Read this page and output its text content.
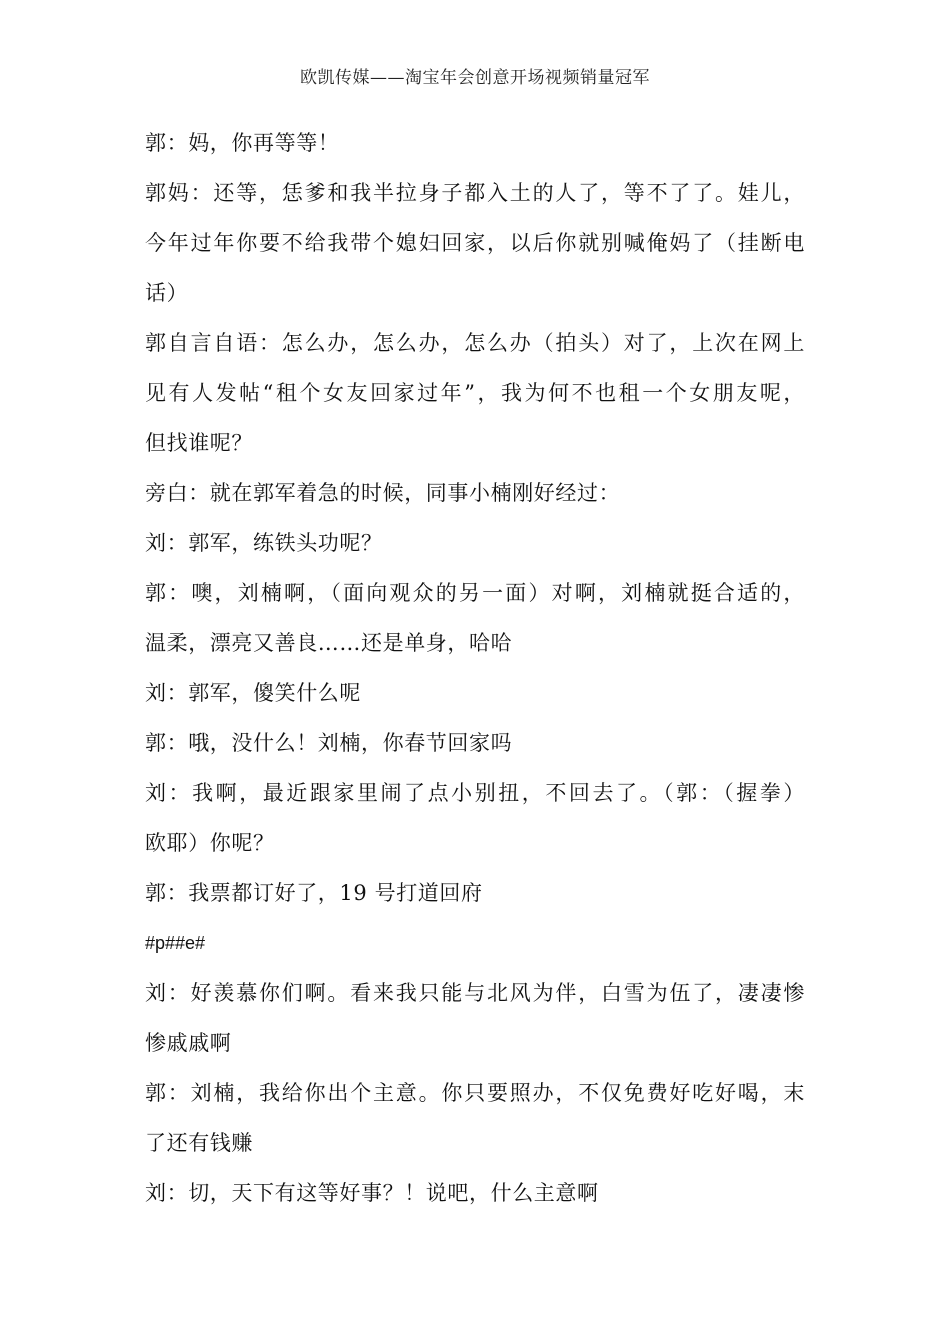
欧凯传媒——淘宝年会创意开场视频销量冠军
郭：妈，你再等等！
郭妈：还等，恁爹和我半拉身子都入土的人了，等不了了。娃儿，
今年过年你要不给我带个媳妇回家，以后你就别喊俺妈了（挂断电
话）
郭自言自语：怎么办，怎么办，怎么办（拍头）对了，上次在网上
见有人发帖“租个女友回家过年”，我为何不也租一个女朋友呢，
但找谁呢？
旁白：就在郭军着急的时候，同事小楠刚好经过：
刘：郭军，练铁头功呢？
郭：噢，刘楠啊，（面向观众的另一面）对啊，刘楠就挺合适的，
温柔，漂亮又善良……还是单身，哈哈
刘：郭军，傻笑什么呢
郭：哦，没什么！刘楠，你春节回家吗
刘：我啊，最近跟家里闹了点小别扭，不回去了。（郭：（握拳）
欧耶）你呢？
郭：我票都订好了，19 号打道回府
#p##e#
刘：好羡慕你们啊。看来我只能与北风为伴，白雪为伍了，凄凄惨
惨戚戚啊
郭：刘楠，我给你出个主意。你只要照办，不仅免费好吃好喝，末
了还有钱赚
刘：切，天下有这等好事？！说吧，什么主意啊
